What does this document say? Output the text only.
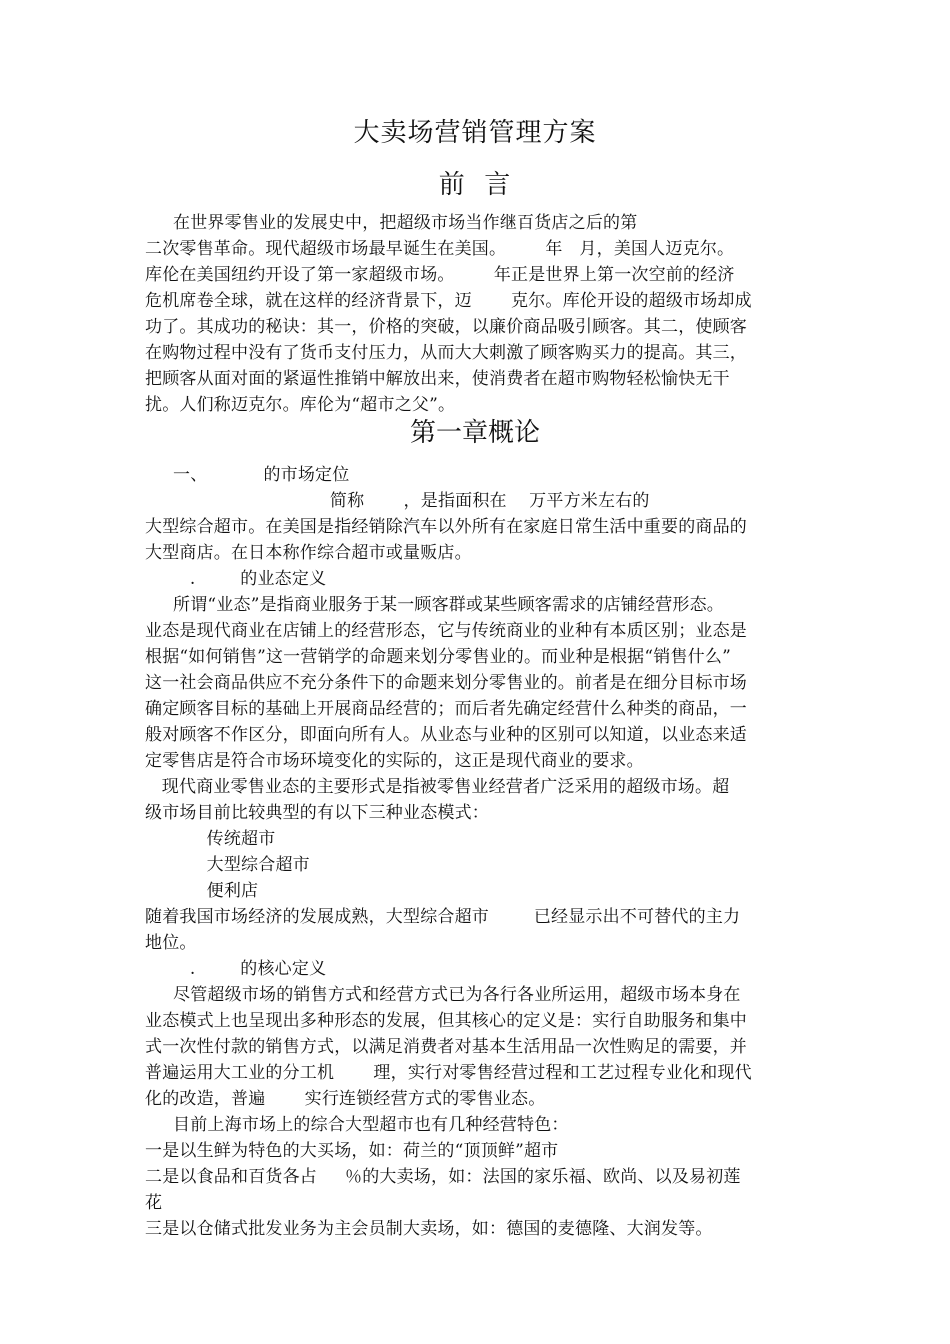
大卖场营销管理方案
前  言
在世界零售业的发展史中，把超级市场当作继百货店之后的第
二次零售革命。现代超级市场最早诞生在美国。       年   月，美国人迈克尔。
库伦在美国纽约开设了第一家超级市场。       年正是世界上第一次空前的经济
危机席卷全球，就在这样的经济背景下，迈       克尔。库伦开设的超级市场却成
功了。其成功的秘诀：其一，价格的突破，以廉价商品吸引顾客。其二，使顾客
在购物过程中没有了货币支付压力，从而大大刺激了顾客购买力的提高。其三，
把顾客从面对面的紧逼性推销中解放出来，使消费者在超市购物轻松愉快无干
扰。人们称迈克尔。库伦为“超市之父”。
第一章概论
一、          的市场定位
简称       ，是指面积在    万平方米左右的
大型综合超市。在美国是指经销除汽车以外所有在家庭日常生活中重要的商品的
大型商店。在日本称作综合超市或量贩店。
.        的业态定义
所谓“业态”是指商业服务于某一顾客群或某些顾客需求的店铺经营形态。
业态是现代商业在店铺上的经营形态，它与传统商业的业种有本质区别；业态是
根据“如何销售”这一营销学的命题来划分零售业的。而业种是根据“销售什么”
这一社会商品供应不充分条件下的命题来划分零售业的。前者是在细分目标市场
确定顾客目标的基础上开展商品经营的；而后者先确定经营什么种类的商品，一
般对顾客不作区分，即面向所有人。从业态与业种的区别可以知道，以业态来适
定零售店是符合市场环境变化的实际的，这正是现代商业的要求。
现代商业零售业态的主要形式是指被零售业经营者广泛采用的超级市场。超
级市场目前比较典型的有以下三种业态模式：
传统超市
大型综合超市
便利店
随着我国市场经济的发展成熟，大型综合超市        已经显示出不可替代的主力
地位。
.        的核心定义
尽管超级市场的销售方式和经营方式已为各行各业所运用，超级市场本身在
业态模式上也呈现出多种形态的发展，但其核心的定义是：实行自助服务和集中
式一次性付款的销售方式，以满足消费者对基本生活用品一次性购足的需要，并
普遍运用大工业的分工机       理，实行对零售经营过程和工艺过程专业化和现代
化的改造，普遍       实行连锁经营方式的零售业态。
目前上海市场上的综合大型超市也有几种经营特色：
一是以生鲜为特色的大买场，如：荷兰的“顶顶鲜”超市
二是以食品和百货各占     ％的大卖场，如：法国的家乐福、欧尚、以及易初莲
花
三是以仓储式批发业务为主会员制大卖场，如：德国的麦德隆、大润发等。
